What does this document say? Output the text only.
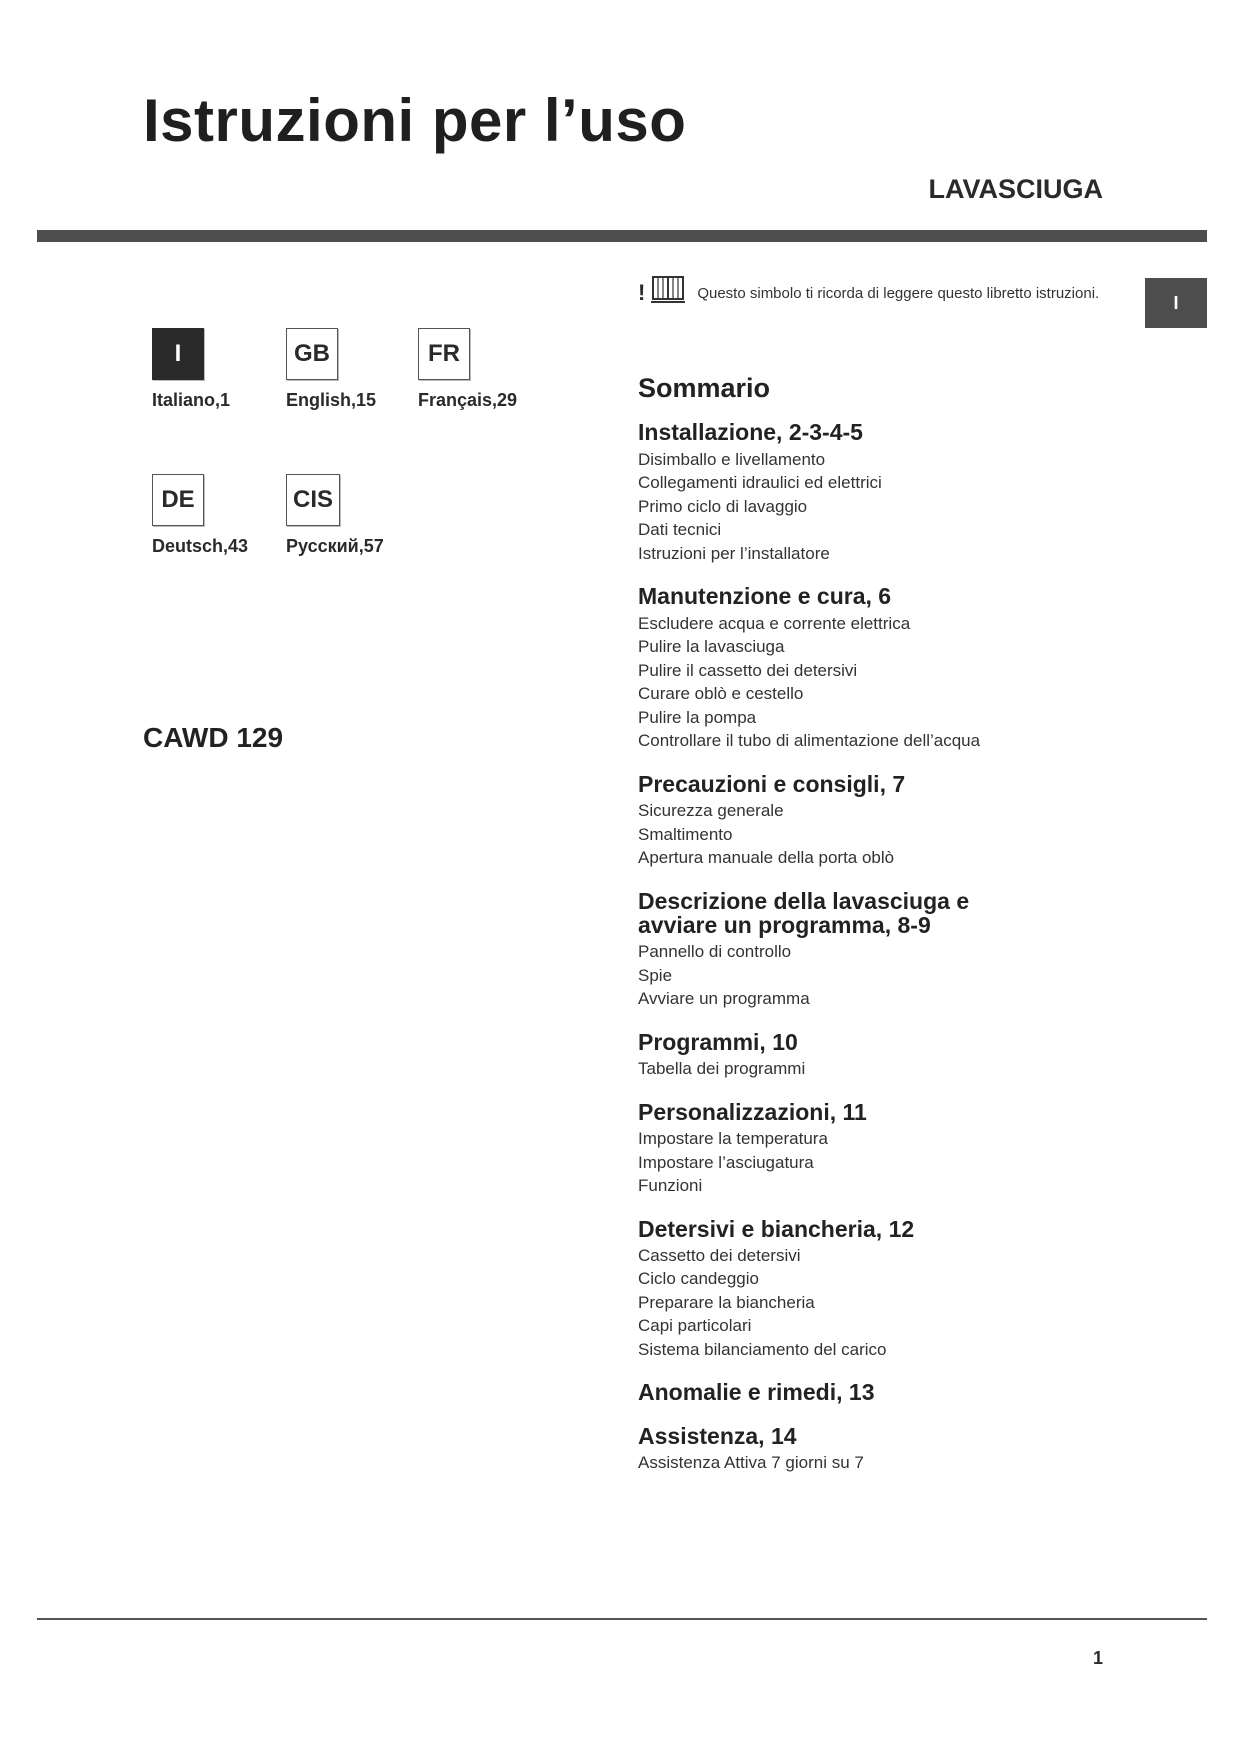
Istruzioni per l’uso
LAVASCIUGA
I
I
Italiano,1
GB
English,15
FR
Français,29
DE
Deutsch,43
CIS
Русский,57
CAWD 129
!	Questo simbolo ti ricorda di leggere questo libretto istruzioni.
Sommario
Installazione, 2-3-4-5
Disimballo e livellamento
Collegamenti idraulici ed elettrici
Primo ciclo di lavaggio
Dati tecnici
Istruzioni per l’installatore
Manutenzione e cura, 6
Escludere acqua e corrente elettrica
Pulire la lavasciuga
Pulire il cassetto dei detersivi
Curare oblò e cestello
Pulire la pompa
Controllare il tubo di alimentazione dell’acqua
Precauzioni e consigli, 7
Sicurezza generale
Smaltimento
Apertura manuale della porta oblò
Descrizione della lavasciuga e avviare un programma, 8-9
Pannello di controllo
Spie
Avviare un programma
Programmi, 10
Tabella dei programmi
Personalizzazioni, 11
Impostare la temperatura
Impostare l’asciugatura
Funzioni
Detersivi e biancheria, 12
Cassetto dei detersivi
Ciclo candeggio
Preparare la biancheria
Capi particolari
Sistema bilanciamento del carico
Anomalie e rimedi, 13
Assistenza, 14
Assistenza Attiva 7 giorni su 7
1
